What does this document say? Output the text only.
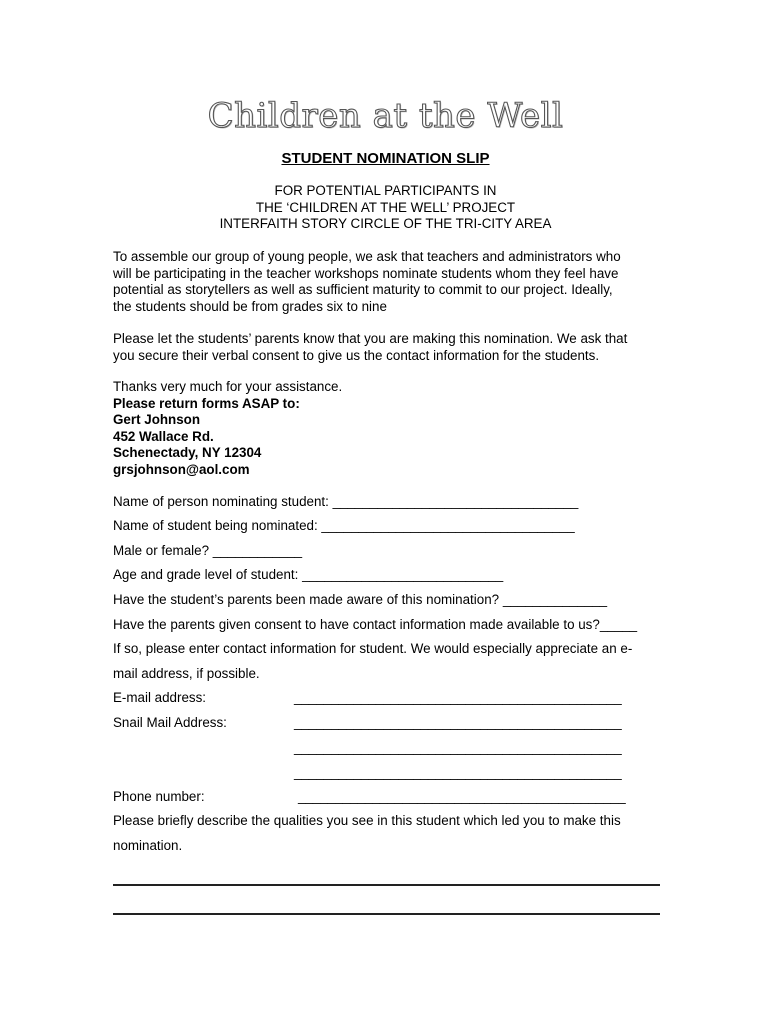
Children at the Well
STUDENT NOMINATION SLIP
FOR POTENTIAL PARTICIPANTS IN
THE ‘CHILDREN AT THE WELL’ PROJECT
INTERFAITH STORY CIRCLE OF THE TRI-CITY AREA
To assemble our group of young people, we ask that teachers and administrators who
will be participating in the teacher workshops nominate students whom they feel have
potential as storytellers as well as sufficient maturity to commit to our project. Ideally,
the students should be from grades six to nine
Please let the students’ parents know that you are making this nomination. We ask that
you secure their verbal consent to give us the contact information for the students.
Thanks very much for your assistance.
Please return forms ASAP to:
Gert Johnson
452 Wallace Rd.
Schenectady, NY 12304
grsjohnson@aol.com
Name of person nominating student: _________________________________
Name of student being nominated: __________________________________
Male or female? ____________
Age and grade level of student: ___________________________
Have the student’s parents been made aware of this nomination? ______________
Have the parents given consent to have contact information made available to us?_____
If so, please enter contact information for student. We would especially appreciate an e-
mail address, if possible.
E-mail address:	____________________________________________
Snail Mail Address:	____________________________________________
____________________________________________
____________________________________________
Phone number:	____________________________________________
Please briefly describe the qualities you see in this student which led you to make this
nomination.
